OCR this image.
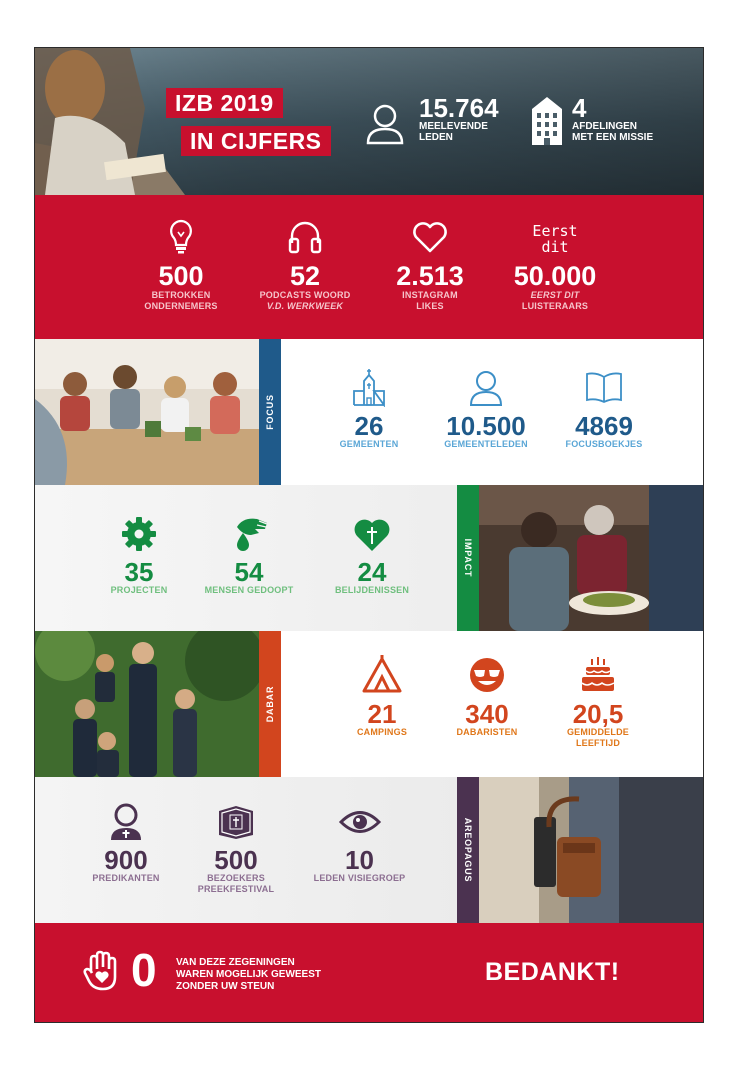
IZB 2019
IN CIJFERS
15.764
MEELEVENDE
LEDEN
4
AFDELINGEN
MET EEN MISSIE
500
BETROKKEN
ONDERNEMERS
52
PODCASTS WOORD
V.D. WERKWEEK
2.513
INSTAGRAM
LIKES
Eerst
dit
50.000
EERST DIT
LUISTERAARS
FOCUS	26
GEMEENTEN
10.500
GEMEENTELEDEN
4869
FOCUSBOEKJES
35
PROJECTEN
54
MENSEN GEDOOPT
24
BELIJDENISSEN
IMPACT
DABAR	21
CAMPINGS
340
DABARISTEN
20,5
GEMIDDELDE
LEEFTIJD
900
PREDIKANTEN
500
BEZOEKERS
PREEKFESTIVAL
10
LEDEN VISIEGROEP	AREOPAGUS
0 VAN DEZE ZEGENINGEN
WAREN MOGELIJK GEWEEST
ZONDER UW STEUN
BEDANKT!
